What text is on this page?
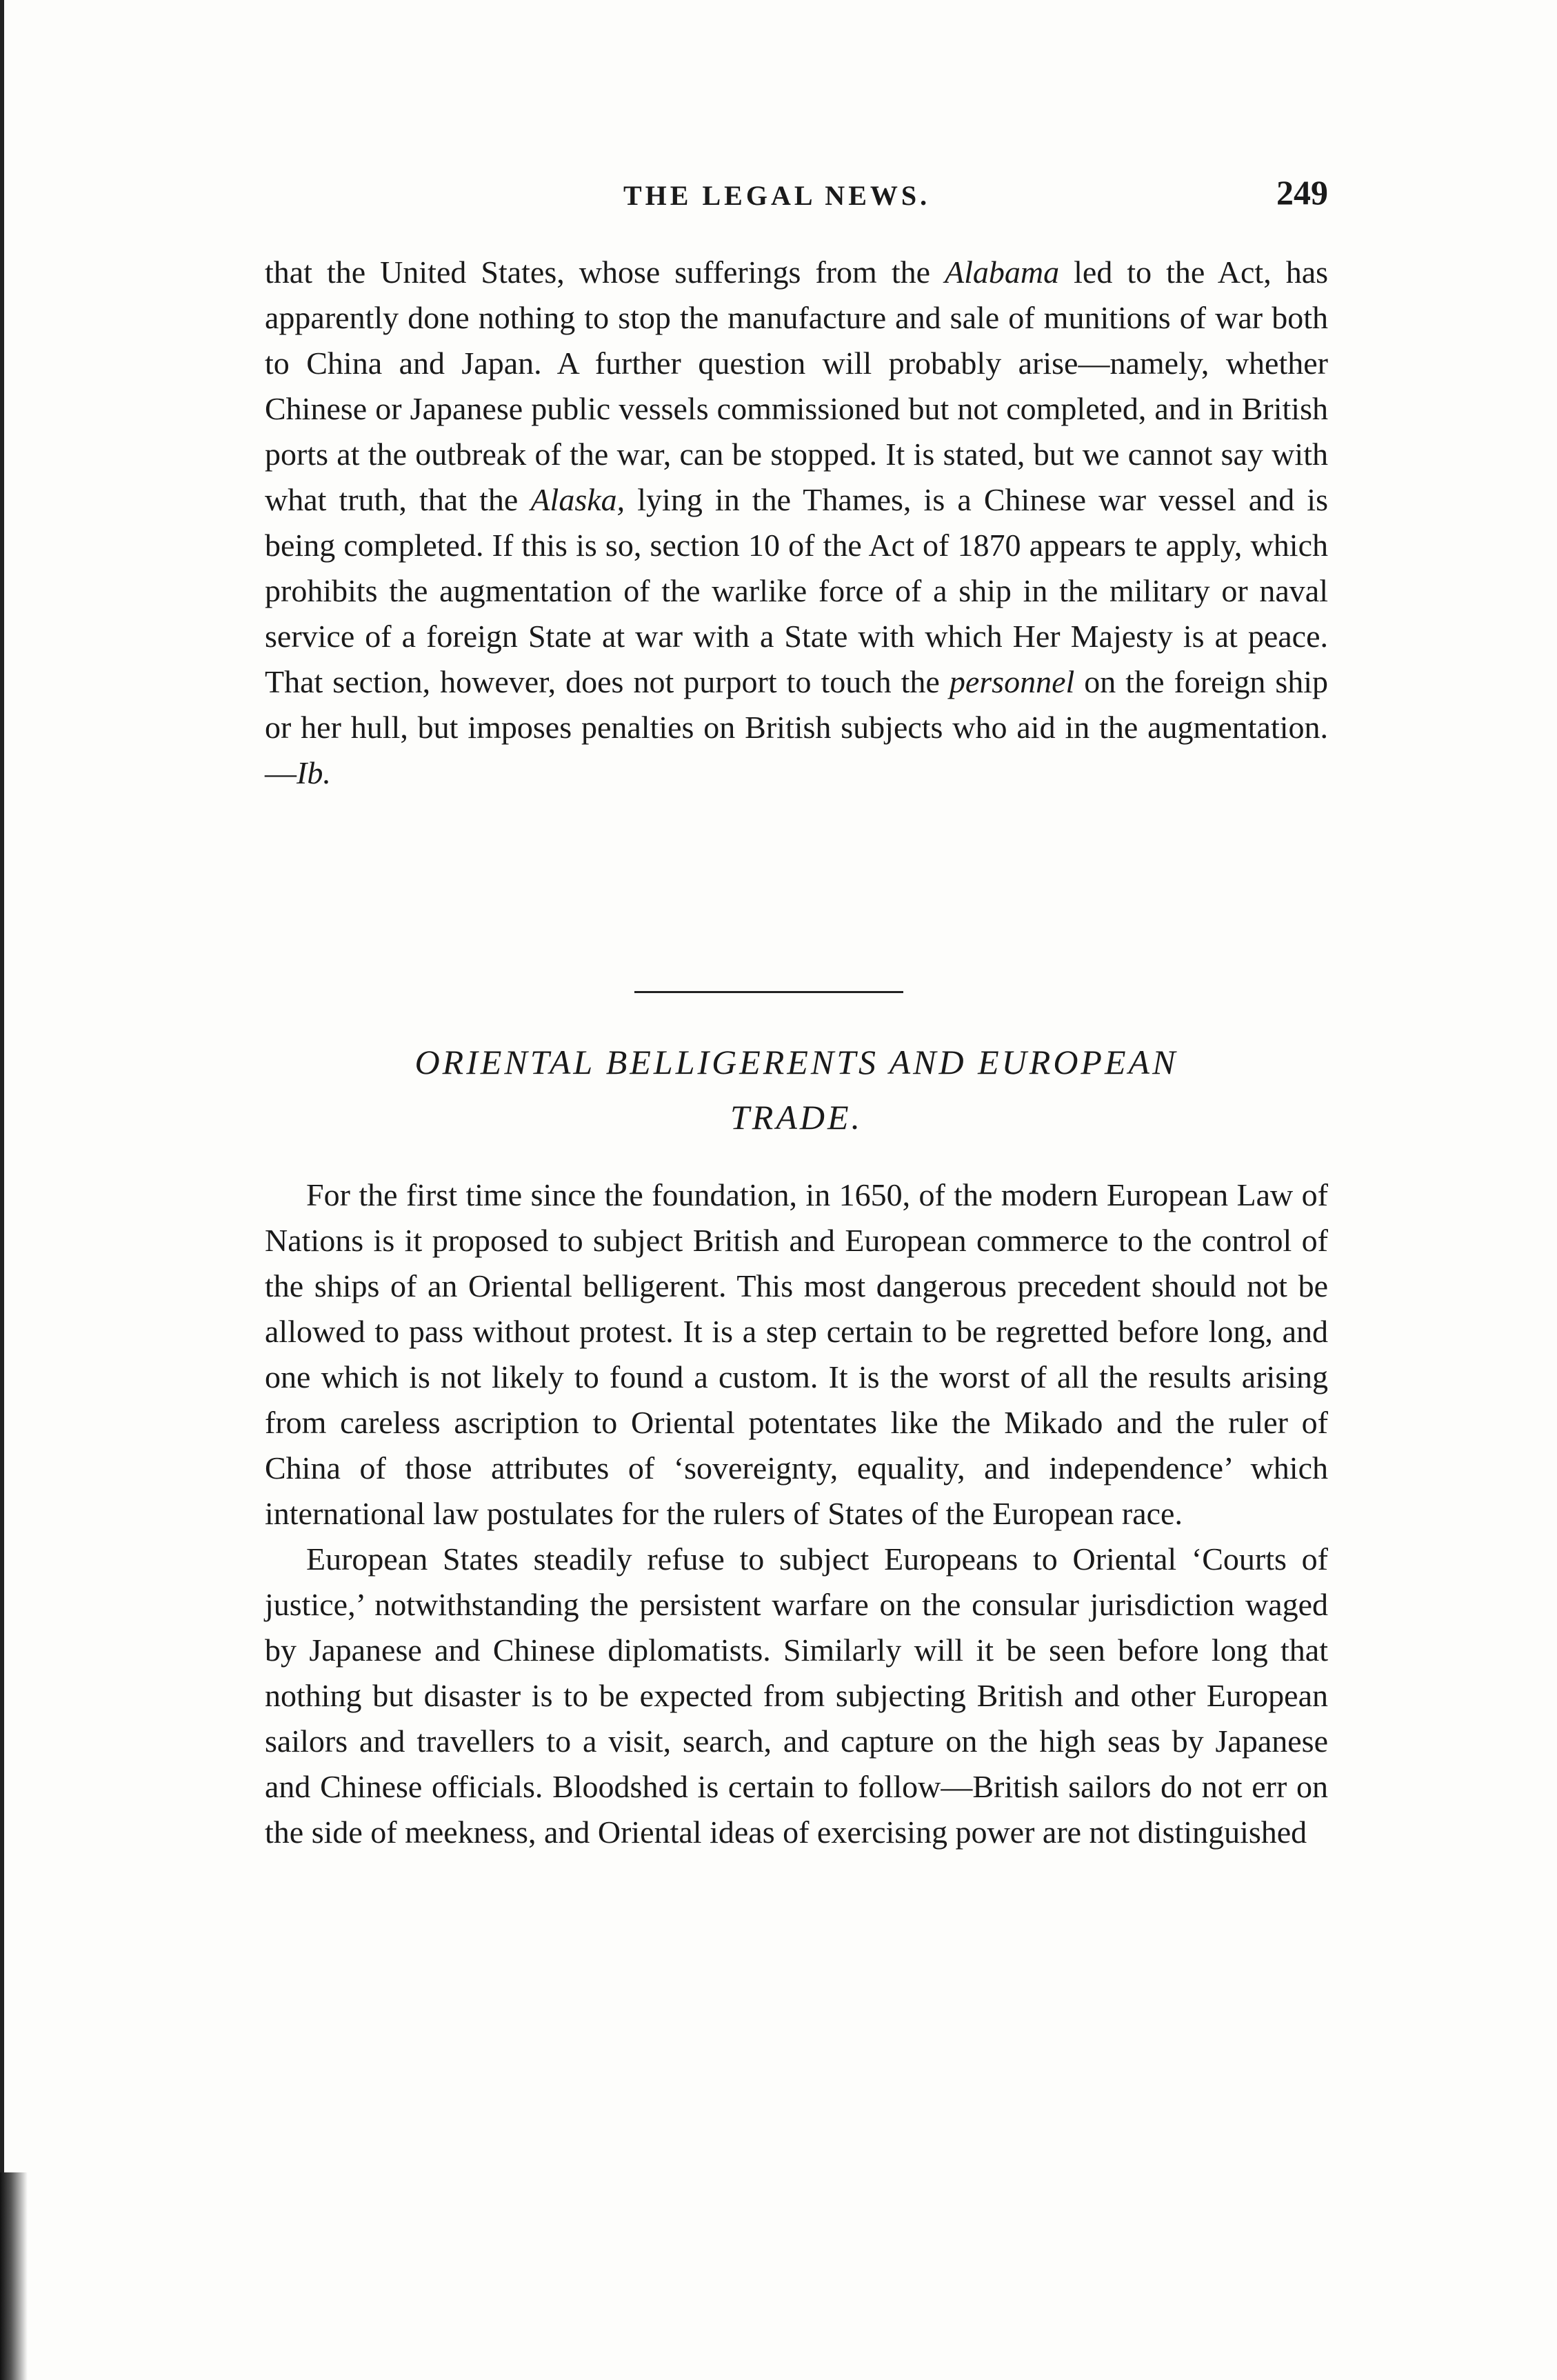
THE LEGAL NEWS.	249

that the United States, whose sufferings from the Alabama led to the Act, has apparently done nothing to stop the manufacture and sale of munitions of war both to China and Japan. A further question will probably arise—namely, whether Chinese or Japanese public vessels commissioned but not completed, and in British ports at the outbreak of the war, can be stopped. It is stated, but we cannot say with what truth, that the Alaska, lying in the Thames, is a Chinese war vessel and is being completed. If this is so, section 10 of the Act of 1870 appears te apply, which prohibits the augmentation of the warlike force of a ship in the military or naval service of a foreign State at war with a State with which Her Majesty is at peace. That section, however, does not purport to touch the personnel on the foreign ship or her hull, but imposes penalties on British subjects who aid in the augmentation.—Ib.

ORIENTAL BELLIGERENTS AND EUROPEAN
TRADE.

For the first time since the foundation, in 1650, of the modern European Law of Nations is it proposed to subject British and European commerce to the control of the ships of an Oriental belligerent. This most dangerous precedent should not be allowed to pass without protest. It is a step certain to be regretted before long, and one which is not likely to found a custom. It is the worst of all the results arising from careless ascription to Oriental potentates like the Mikado and the ruler of China of those attributes of ‘sovereignty, equality, and independence’ which international law postulates for the rulers of States of the European race.

European States steadily refuse to subject Europeans to Oriental ‘Courts of justice,’ notwithstanding the persistent warfare on the consular jurisdiction waged by Japanese and Chinese diplomatists. Similarly will it be seen before long that nothing but disaster is to be expected from subjecting British and other European sailors and travellers to a visit, search, and capture on the high seas by Japanese and Chinese officials. Bloodshed is certain to follow—British sailors do not err on the side of meekness, and Oriental ideas of exercising power are not distinguished
